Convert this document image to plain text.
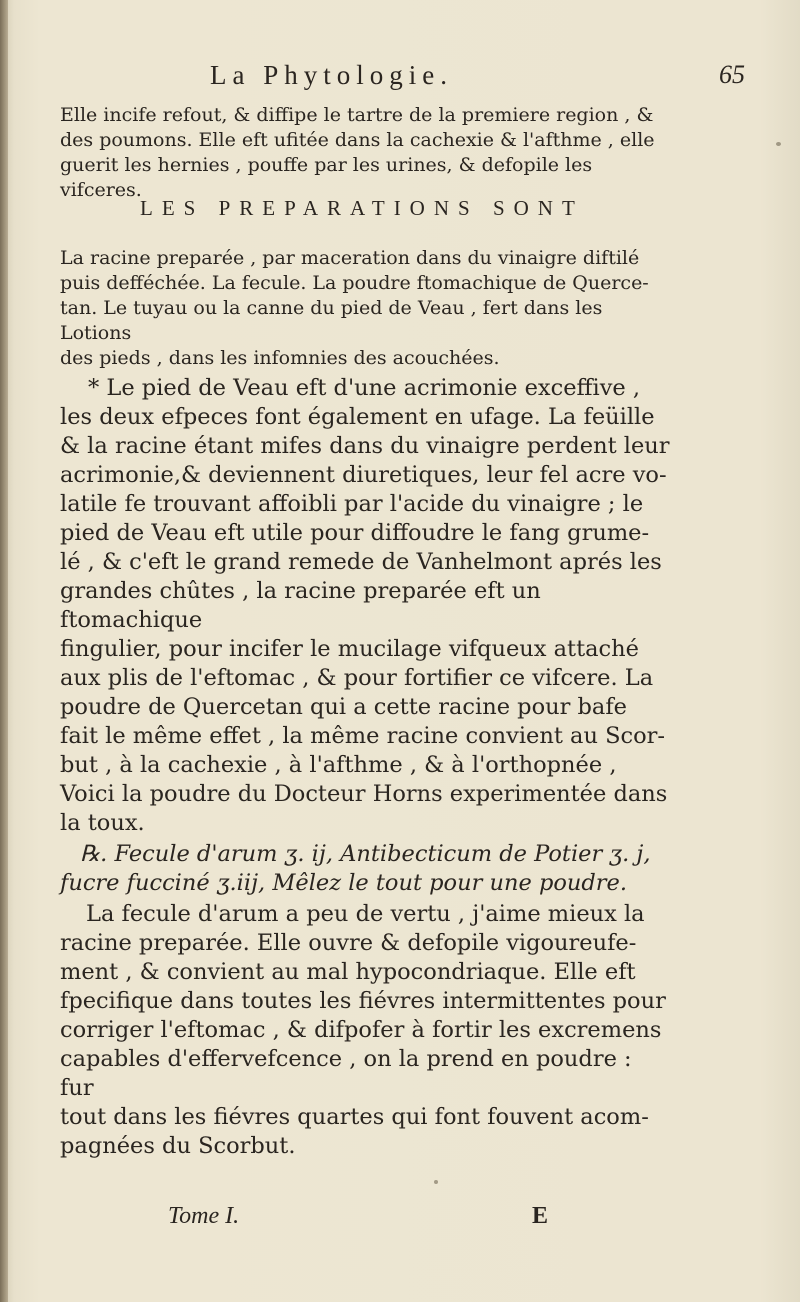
La Phytologie.	65

Elle incife refout, & diffipe le tartre de la premiere region , &

des poumons. Elle eft ufitée dans la cachexie & l'afthme , elle

guerit les hernies , pouffe par les urines, & defopile les vifceres.

LES PREPARATIONS SONT

La racine preparée , par maceration dans du vinaigre diftilé

puis defféchée. La fecule. La poudre ftomachique de Querce-

tan. Le tuyau ou la canne du pied de Veau , fert dans les Lotions

des pieds , dans les infomnies des acouchées.

* Le pied de Veau eft d'une acrimonie exceffive ,

les deux efpeces font également en ufage. La feüille

& la racine étant mifes dans du vinaigre perdent leur

acrimonie,& deviennent diuretiques, leur fel acre vo-

latile fe trouvant affoibli par l'acide du vinaigre ; le

pied de Veau eft utile pour diffoudre le fang grume-

lé , & c'eft le grand remede de Vanhelmont aprés les

grandes chûtes , la racine preparée eft un ftomachique

fingulier, pour incifer le mucilage vifqueux attaché

aux plis de l'eftomac , & pour fortifier ce vifcere. La

poudre de Quercetan qui a cette racine pour bafe

fait le même effet , la même racine convient au Scor-

but , à la cachexie , à l'afthme , & à l'orthopnée ,

Voici la poudre du Docteur Horns experimentée dans

la toux.

℞. Fecule d'arum ʒ. ij, Antibecticum de Potier ʒ. j,

fucre fucciné ʒ.iij, Mêlez le tout pour une poudre.

La fecule d'arum a peu de vertu , j'aime mieux la

racine preparée. Elle ouvre & defopile vigoureufe-

ment , & convient au mal hypocondriaque. Elle eft

fpecifique dans toutes les fiévres intermittentes pour

corriger l'eftomac , & difpofer à fortir les excremens

capables d'effervefcence , on la prend en poudre : fur

tout dans les fiévres quartes qui font fouvent acom-

pagnées du Scorbut.

Tome I.	E
